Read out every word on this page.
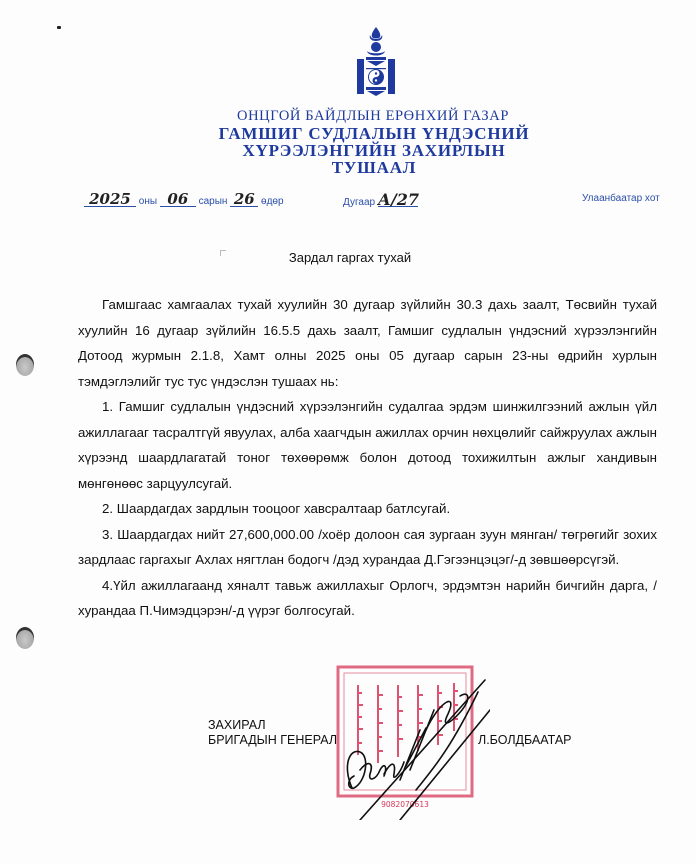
ОНЦГОЙ БАЙДЛЫН ЕРӨНХИЙ ГАЗАР
ГАМШИГ СУДЛАЛЫН ҮНДЭСНИЙ
ХҮРЭЭЛЭНГИЙН ЗАХИРЛЫН
ТУШААЛ
2025 оны 06 сарын 26 өдөр	Дугаар А/27	Улаанбаатар хот
Зардал гаргах тухай

Гамшгаас хамгаалах тухай хуулийн 30 дугаар зүйлийн 30.3 дахь заалт, Төсвийн тухай хуулийн 16 дугаар зүйлийн 16.5.5 дахь заалт, Гамшиг судлалын үндэсний хүрээлэнгийн Дотоод журмын 2.1.8, Хамт олны 2025 оны 05 дугаар сарын 23-ны өдрийн хурлын тэмдэглэлийг тус тус үндэслэн тушаах нь:

1. Гамшиг судлалын үндэсний хүрээлэнгийн судалгаа эрдэм шинжилгээний ажлын үйл ажиллагааг тасралтгүй явуулах, алба хаагчдын ажиллах орчин нөхцөлийг сайжруулах ажлын хүрээнд шаардлагатай тоног төхөөрөмж болон дотоод тохижилтын ажлыг хандивын мөнгөнөөс зарцуулсугай.

2. Шаардагдах зардлын тооцоог хавсралтаар батлсугай.

3. Шаардагдах нийт 27,600,000.00 /хоёр долоон сая зургаан зуун мянган/ төгрөгийг зохих зардлаас гаргахыг Ахлах нягтлан бодогч /дэд хурандаа Д.Гэгээнцэцэг/-д зөвшөөрсүгэй.

4.Үйл ажиллагаанд хяналт тавьж ажиллахыг Орлогч, эрдэмтэн нарийн бичгийн дарга, /хурандаа П.Чимэдцэрэн/-д үүрэг болгосугай.

9082070613
ЗАХИРАЛ
БРИГАДЫН ГЕНЕРАЛ	Л.БОЛДБААТАР
